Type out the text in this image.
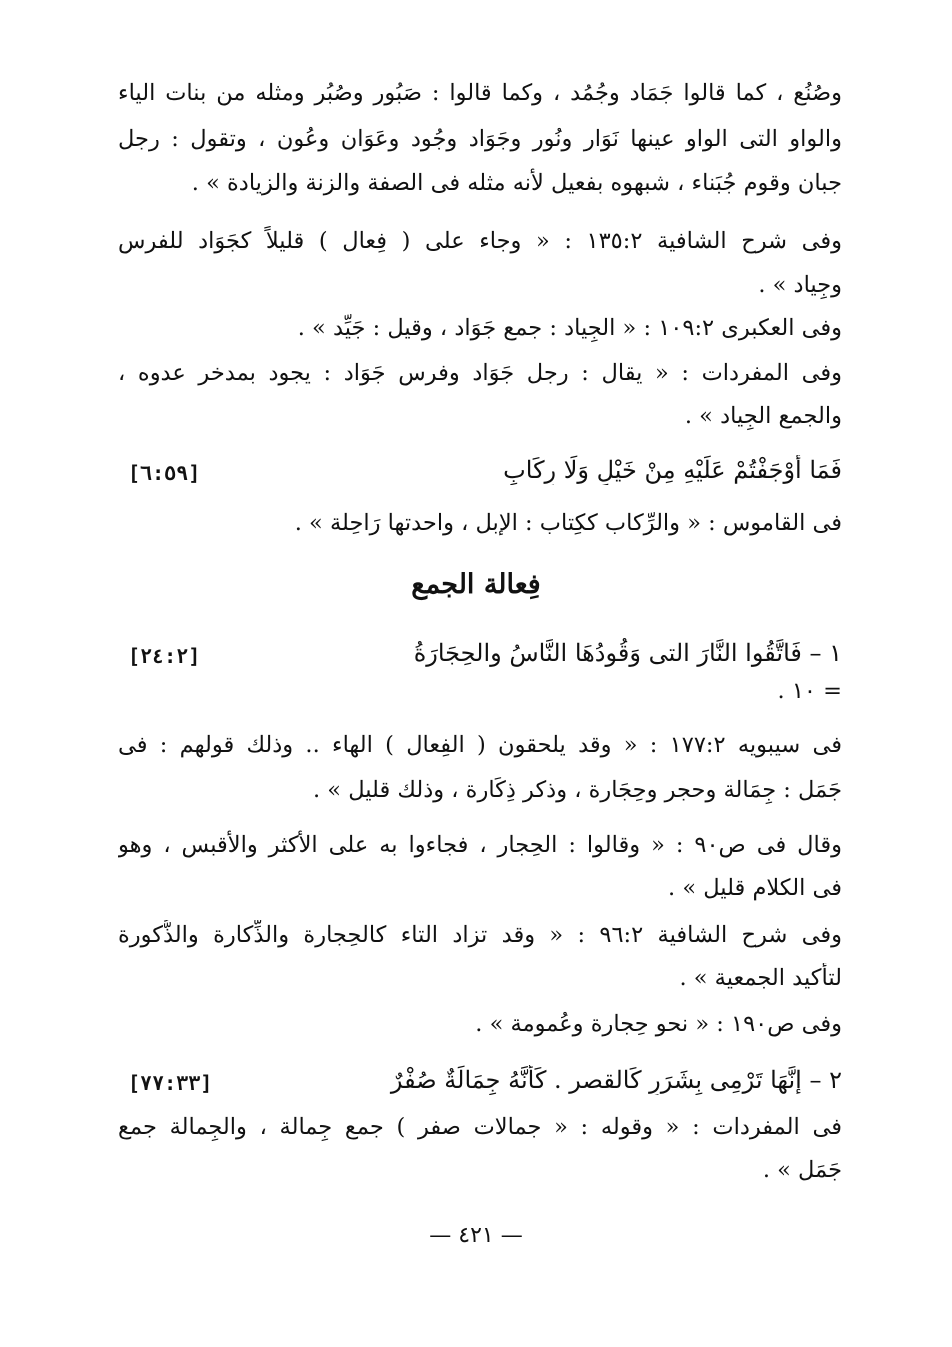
وصُنُع ، كما قالوا جَمَاد وجُمُد ، وكما قالوا : صَبُور وصُبُر ومثله من بنات الياء
والواو التى الواو عينها نَوَار ونُور وجَوَاد وجُود وعَوَان وعُون ، وتقول : رجل
جبان وقوم جُبَناء ، شبهوه بفعيل لأنه مثله فى الصفة والزنة والزيادة » .
وفى شرح الشافية ١٣٥:٢ : « وجاء على ( فِعال ) قليلاً كجَوَاد للفرس
وجِياد » .
وفى العكبرى ١٠٩:٢ : « الجِياد : جمع جَوَاد ، وقيل : جَيِّد » .
وفى المفردات : « يقال : رجل جَوَاد وفرس جَوَاد : يجود بمدخر عدوه ،
والجمع الجِياد » .
فَمَا أَوْجَفْتُمْ عَلَيْهِ مِنْ خَيْلٍ وَلَا رِكَابٍ
[٦:٥٩]
فى القاموس : « والرِّكاب ككِتاب : الإبل ، واحدتها رَاحِلة » .
فِعالة الجمع
١ – فَاتَّقُوا النَّارَ التى وَقُودُهَا النَّاسُ والحِجَارَةُ
[٢٤:٢]
= ١٠ .
فى سيبويه ١٧٧:٢ : « وقد يلحقون ( الفِعال ) الهاء .. وذلك قولهم : فى
جَمَل : جِمَالة وحجر وحِجَارة ، وذكر ذِكَارة ، وذلك قليل » .
وقال فى ص٩٠ : « وقالوا : الحِجار ، فجاءوا به على الأكثر والأقبس ، وهو
فى الكلام قليل » .
وفى شرح الشافية ٩٦:٢ : « وقد تزاد التاء كالحِجارة والذِّكارة والذُّكورة
لتأكيد الجمعية » .
وفى ص١٩٠ : « نحو حِجارة وعُمومة » .
٢ – إِنَّهَا تَرْمِى بِشَرَرٍ كَالقصر . كَأَنَّهُ جِمَالَةٌ صُفْرٌ
[٧٧:٣٣]
فى المفردات : « وقوله : « جمالات صفر ) جمع جِمالة ، والجِمالة جمع
جَمَل » .
— ٤٢١ —
